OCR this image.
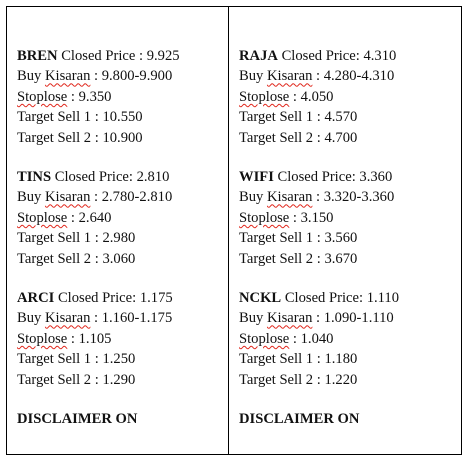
BREN Closed Price : 9.925
Buy Kisaran : 9.800-9.900
Stoplose : 9.350
Target Sell 1 : 10.550
Target Sell 2 : 10.900
TINS Closed Price: 2.810
Buy Kisaran : 2.780-2.810
Stoplose : 2.640
Target Sell 1 : 2.980
Target Sell 2 : 3.060
ARCI Closed Price: 1.175
Buy Kisaran : 1.160-1.175
Stoplose : 1.105
Target Sell 1 : 1.250
Target Sell 2 : 1.290
DISCLAIMER ON
RAJA Closed Price: 4.310
Buy Kisaran : 4.280-4.310
Stoplose : 4.050
Target Sell 1 : 4.570
Target Sell 2 : 4.700
WIFI Closed Price: 3.360
Buy Kisaran : 3.320-3.360
Stoplose : 3.150
Target Sell 1 : 3.560
Target Sell 2 : 3.670
NCKL Closed Price: 1.110
Buy Kisaran : 1.090-1.110
Stoplose : 1.040
Target Sell 1 : 1.180
Target Sell 2 : 1.220
DISCLAIMER ON
